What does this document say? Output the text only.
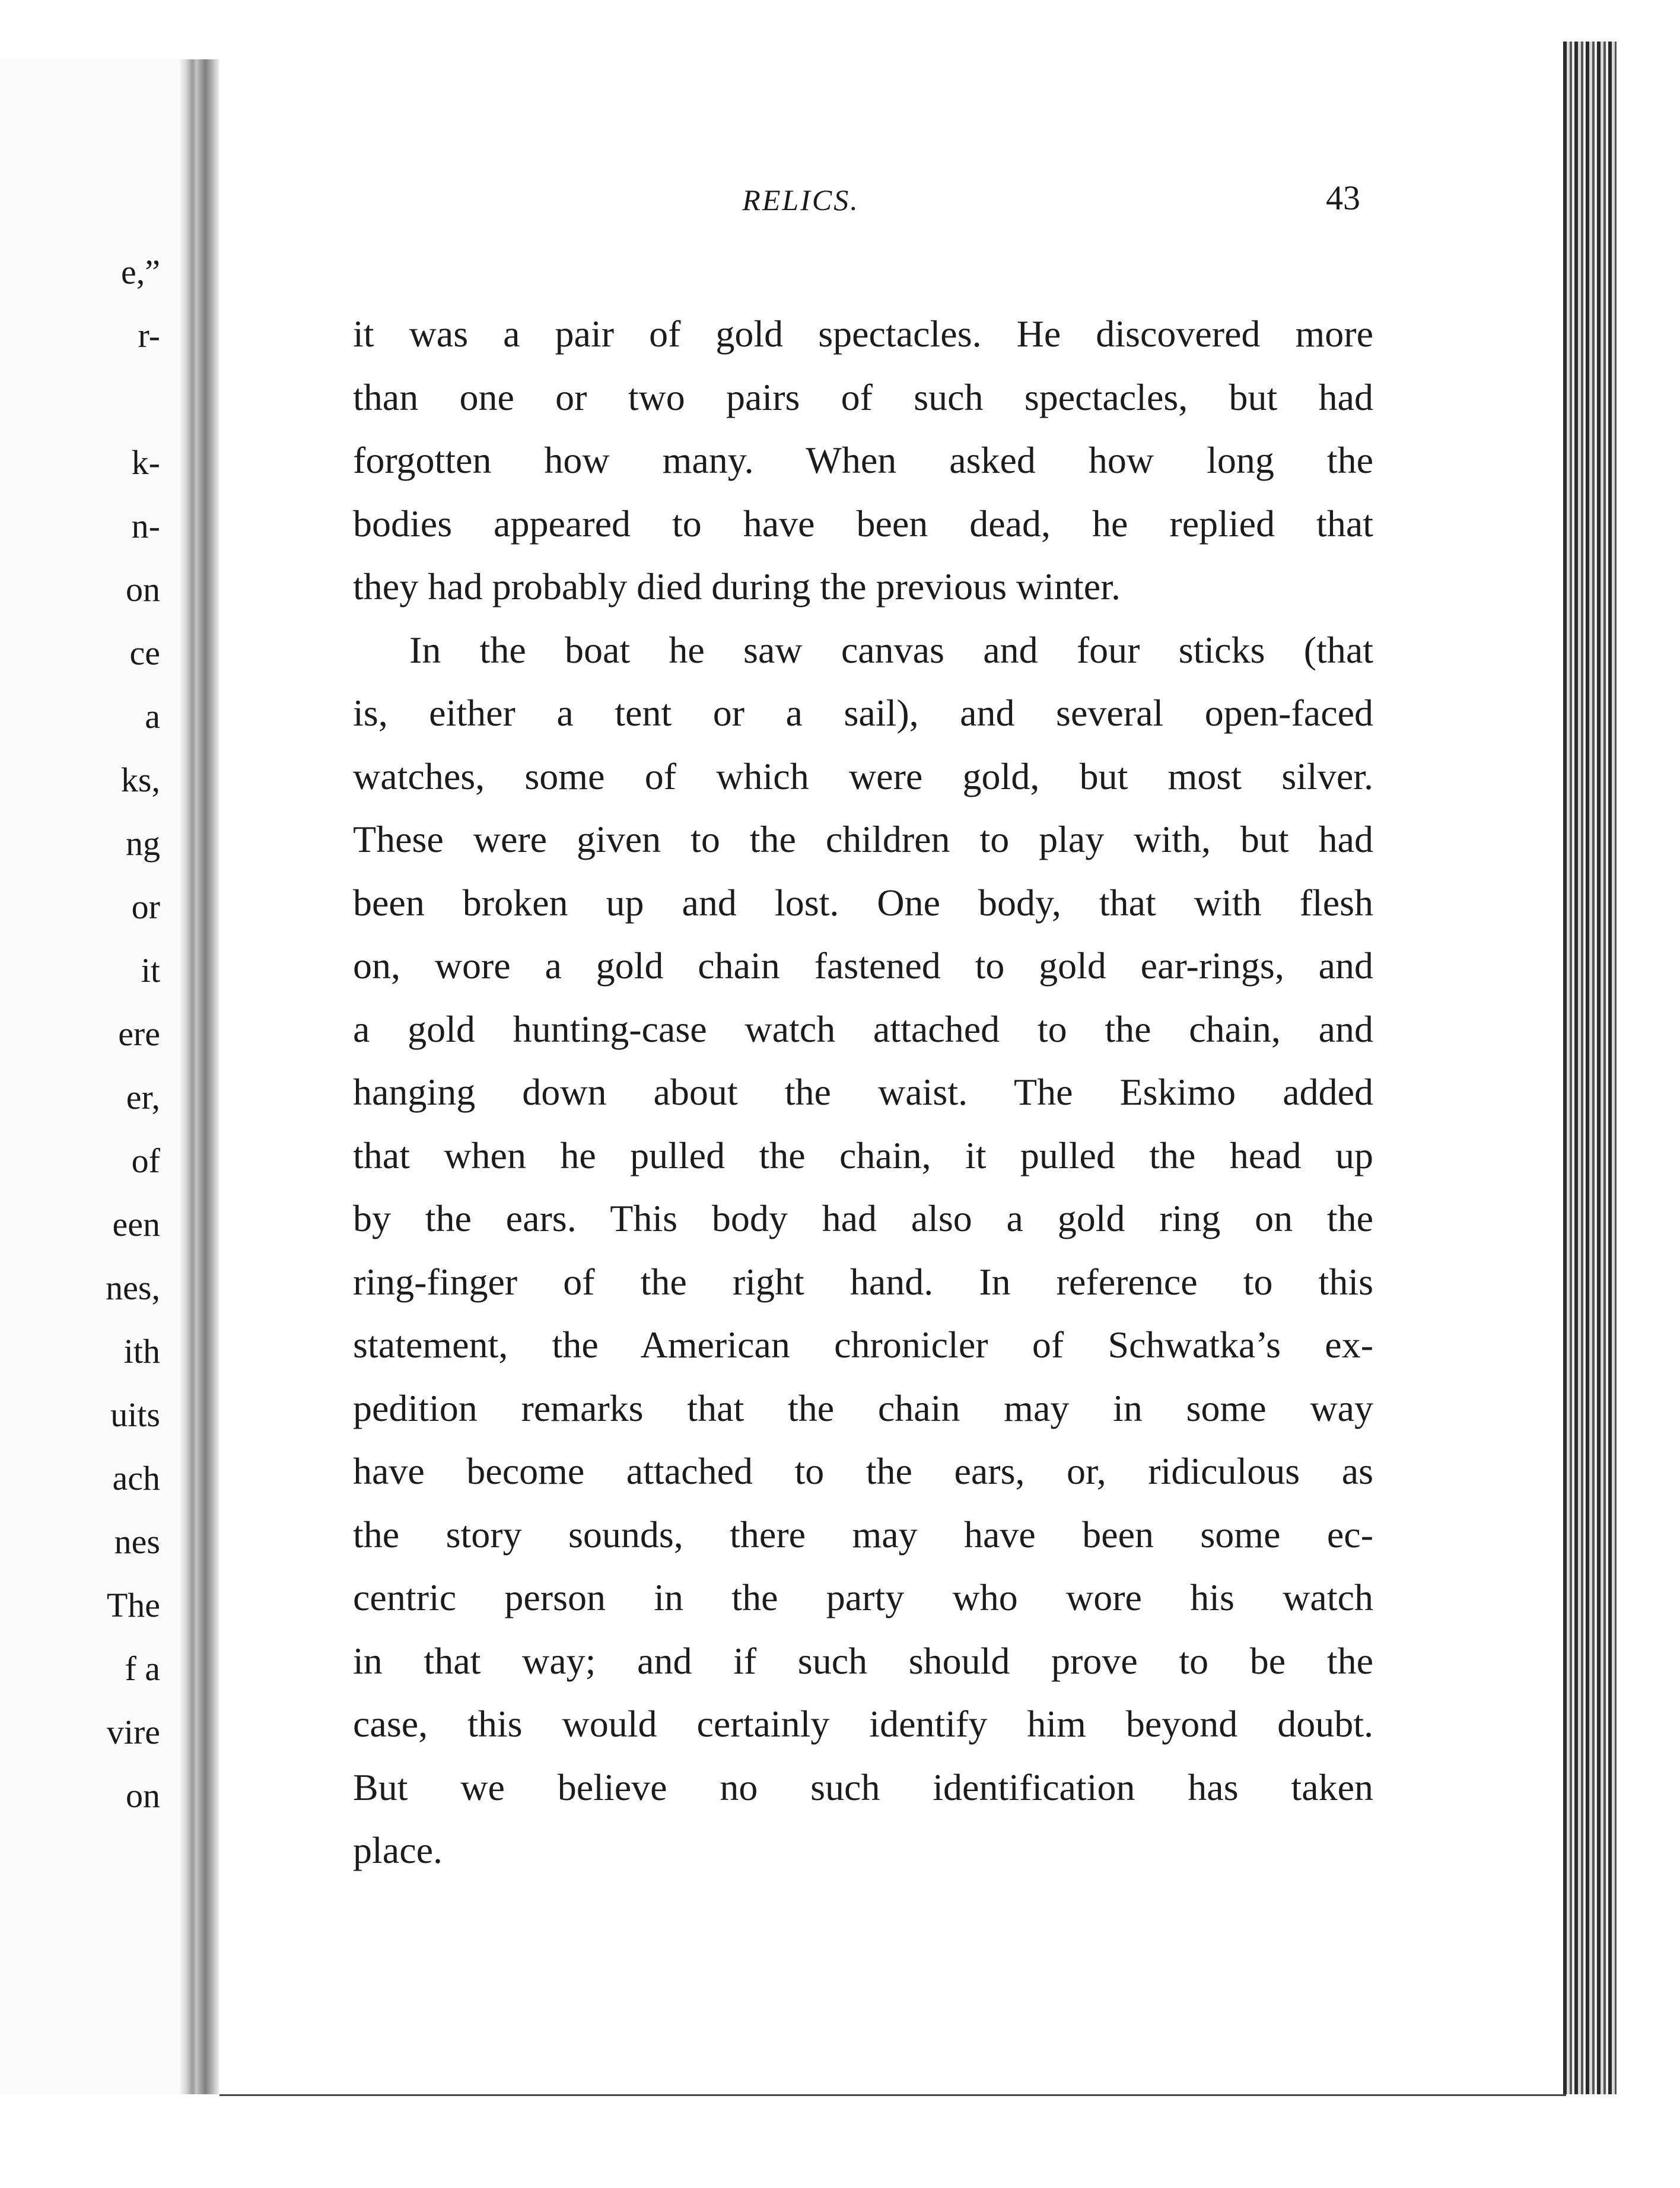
e,”
r-
k-
n-
on
ce
a
ks,
ng
or
it
ere
er,
of
een
nes,
ith
uits
ach
nes
The
f a
vire
on
RELICS.	43
it was a pair of gold spectacles. He discovered more
than one or two pairs of such spectacles, but had
forgotten how many. When asked how long the
bodies appeared to have been dead, he replied that
they had probably died during the previous winter.
In the boat he saw canvas and four sticks (that
is, either a tent or a sail), and several open-faced
watches, some of which were gold, but most silver.
These were given to the children to play with, but had
been broken up and lost. One body, that with flesh
on, wore a gold chain fastened to gold ear-rings, and
a gold hunting-case watch attached to the chain, and
hanging down about the waist. The Eskimo added
that when he pulled the chain, it pulled the head up
by the ears. This body had also a gold ring on the
ring-finger of the right hand. In reference to this
statement, the American chronicler of Schwatka’s ex-
pedition remarks that the chain may in some way
have become attached to the ears, or, ridiculous as
the story sounds, there may have been some ec-
centric person in the party who wore his watch
in that way; and if such should prove to be the
case, this would certainly identify him beyond doubt.
But we believe no such identification has taken
place.
